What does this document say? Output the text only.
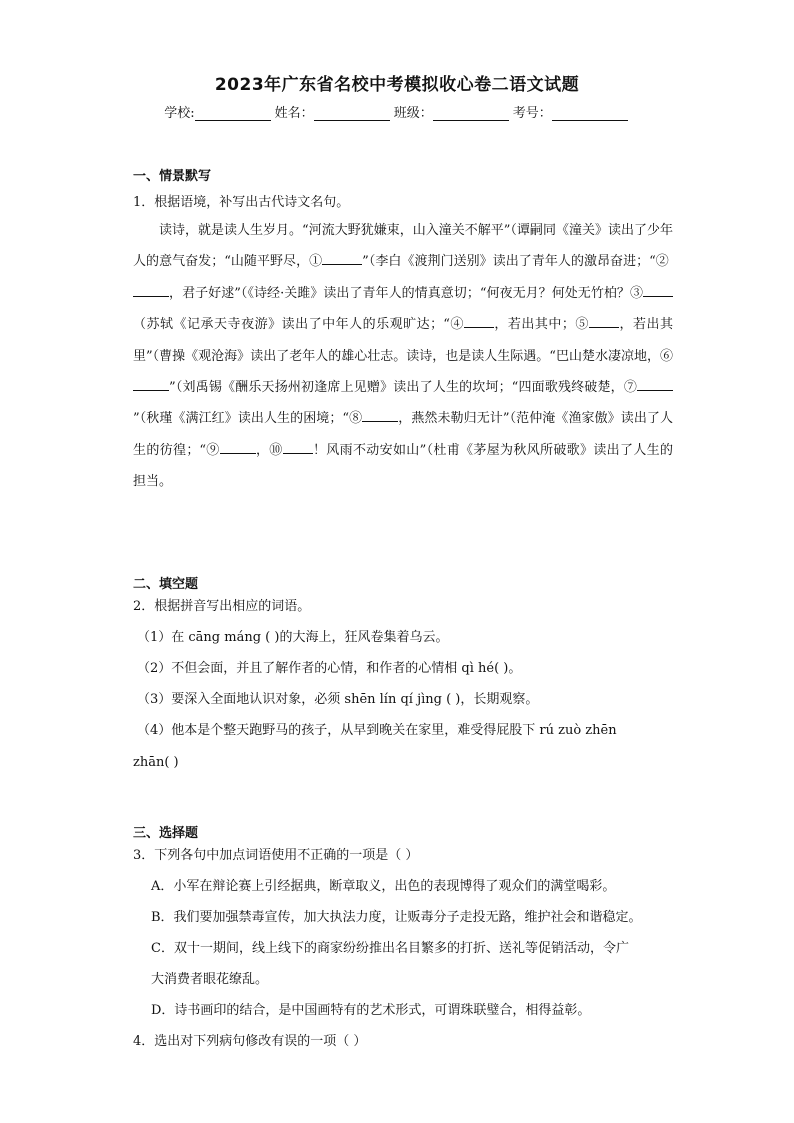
2023年广东省名校中考模拟收心卷二语文试题
学校:	姓名：	班级：	考号：
一、情景默写
1．根据语境，补写出古代诗文名句。
读诗，就是读人生岁月。“河流大野犹嫌束，山入潼关不解平”（谭嗣同《潼关》读出了少年人的意气奋发；“山随平野尽，①	”（李白《渡荆门送别》读出了青年人的激昂奋进；“② ，君子好逑”（《诗经·关雎》读出了青年人的情真意切；“何夜无月？何处无竹柏？③（苏轼《记承天寺夜游》读出了中年人的乐观旷达；“④ ，若出其中；⑤ ，若出其里”（曹操《观沧海》读出了老年人的雄心壮志。读诗，也是读人生际遇。“巴山楚水凄凉地，⑥”（刘禹锡《酬乐天扬州初逢席上见赠》读出了人生的坎坷；“四面歌残终破楚，⑦”（秋瑾《满江红》读出人生的困境；“⑧	，燕然未勒归无计”（范仲淹《渔家傲》读出了人生的彷徨；“⑨	，⑩ ！风雨不动安如山”（杜甫《茅屋为秋风所破歌》读出了人生的担当。
二、填空题
2．根据拼音写出相应的词语。
（1）在 cāng máng ( )的大海上，狂风卷集着乌云。
（2）不但会面，并且了解作者的心情，和作者的心情相 qì hé( )。
（3）要深入全面地认识对象，必须 shēn lín qí jìng ( )，长期观察。
（4）他本是个整天跑野马的孩子，从早到晚关在家里，难受得屁股下 rú zuò zhēn
zhān( )
三、选择题
3．下列各句中加点词语使用不正确的一项是（ ）
A．小军在辩论赛上引经据典，断章取义，出色的表现博得了观众们的满堂喝彩。
B．我们要加强禁毒宣传，加大执法力度，让贩毒分子走投无路，维护社会和谐稳定。
C．双十一期间，线上线下的商家纷纷推出名目繁多的打折、送礼等促销活动，令广
大消费者眼花缭乱。
D．诗书画印的结合，是中国画特有的艺术形式，可谓珠联璧合，相得益彰。
4．选出对下列病句修改有误的一项（ ）
